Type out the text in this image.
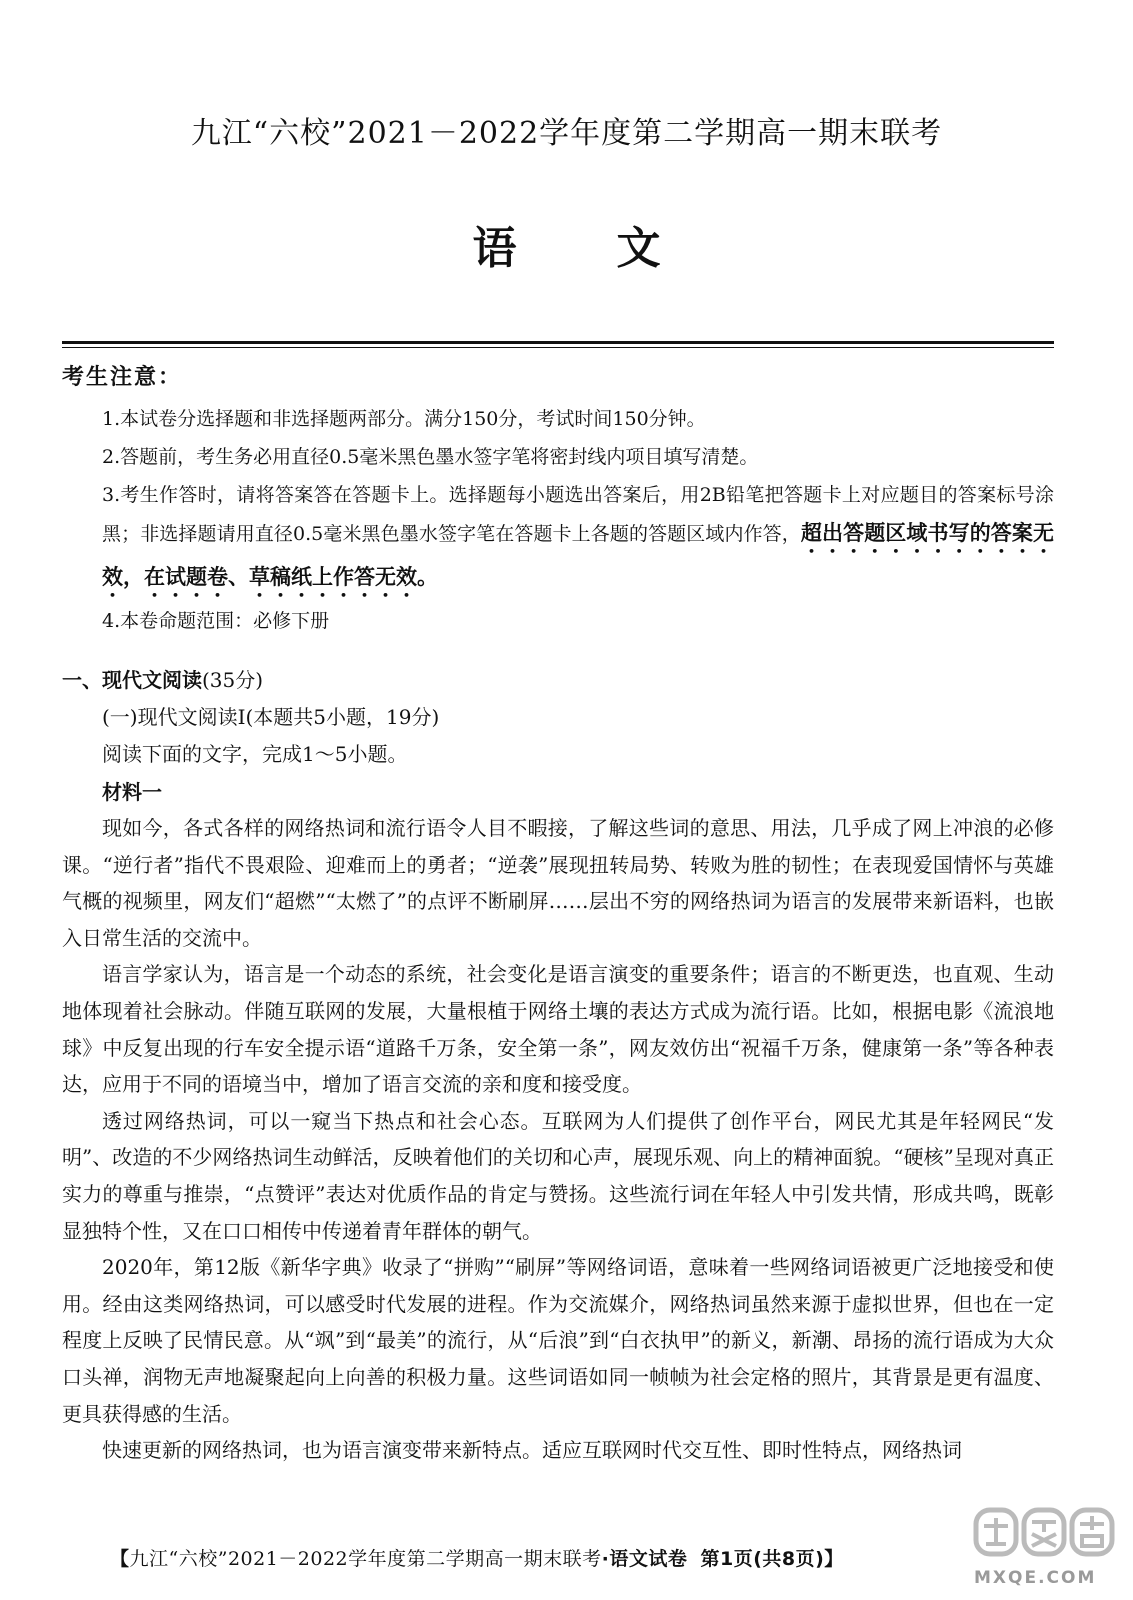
九江“六校”2021－2022学年度第二学期高一期末联考
语 文
考生注意：
1.本试卷分选择题和非选择题两部分。满分150分，考试时间150分钟。
2.答题前，考生务必用直径0.5毫米黑色墨水签字笔将密封线内项目填写清楚。
3.考生作答时，请将答案答在答题卡上。选择题每小题选出答案后，用2B铅笔把答题卡上对应题目的答案标号涂黑；非选择题请用直径0.5毫米黑色墨水签字笔在答题卡上各题的答题区域内作答，超出答题区域书写的答案无效，在试题卷、草稿纸上作答无效。
4.本卷命题范围：必修下册
一、现代文阅读(35分)
(一)现代文阅读Ⅰ(本题共5小题，19分)
阅读下面的文字，完成1～5小题。
材料一

现如今，各式各样的网络热词和流行语令人目不暇接，了解这些词的意思、用法，几乎成了网上冲浪的必修课。“逆行者”指代不畏艰险、迎难而上的勇者；“逆袭”展现扭转局势、转败为胜的韧性；在表现爱国情怀与英雄气概的视频里，网友们“超燃”“太燃了”的点评不断刷屏……层出不穷的网络热词为语言的发展带来新语料，也嵌入日常生活的交流中。

语言学家认为，语言是一个动态的系统，社会变化是语言演变的重要条件；语言的不断更迭，也直观、生动地体现着社会脉动。伴随互联网的发展，大量根植于网络土壤的表达方式成为流行语。比如，根据电影《流浪地球》中反复出现的行车安全提示语“道路千万条，安全第一条”，网友效仿出“祝福千万条，健康第一条”等各种表达，应用于不同的语境当中，增加了语言交流的亲和度和接受度。

透过网络热词，可以一窥当下热点和社会心态。互联网为人们提供了创作平台，网民尤其是年轻网民“发明”、改造的不少网络热词生动鲜活，反映着他们的关切和心声，展现乐观、向上的精神面貌。“硬核”呈现对真正实力的尊重与推崇，“点赞评”表达对优质作品的肯定与赞扬。这些流行词在年轻人中引发共情，形成共鸣，既彰显独特个性，又在口口相传中传递着青年群体的朝气。

2020年，第12版《新华字典》收录了“拼购”“刷屏”等网络词语，意味着一些网络词语被更广泛地接受和使用。经由这类网络热词，可以感受时代发展的进程。作为交流媒介，网络热词虽然来源于虚拟世界，但也在一定程度上反映了民情民意。从“飒”到“最美”的流行，从“后浪”到“白衣执甲”的新义，新潮、昂扬的流行语成为大众口头禅，润物无声地凝聚起向上向善的积极力量。这些词语如同一帧帧为社会定格的照片，其背景是更有温度、更具获得感的生活。

快速更新的网络热词，也为语言演变带来新特点。适应互联网时代交互性、即时性特点，网络热词

【九江“六校”2021－2022学年度第二学期高一期末联考·语文试卷 第1页(共8页)】
MXQE.COM
